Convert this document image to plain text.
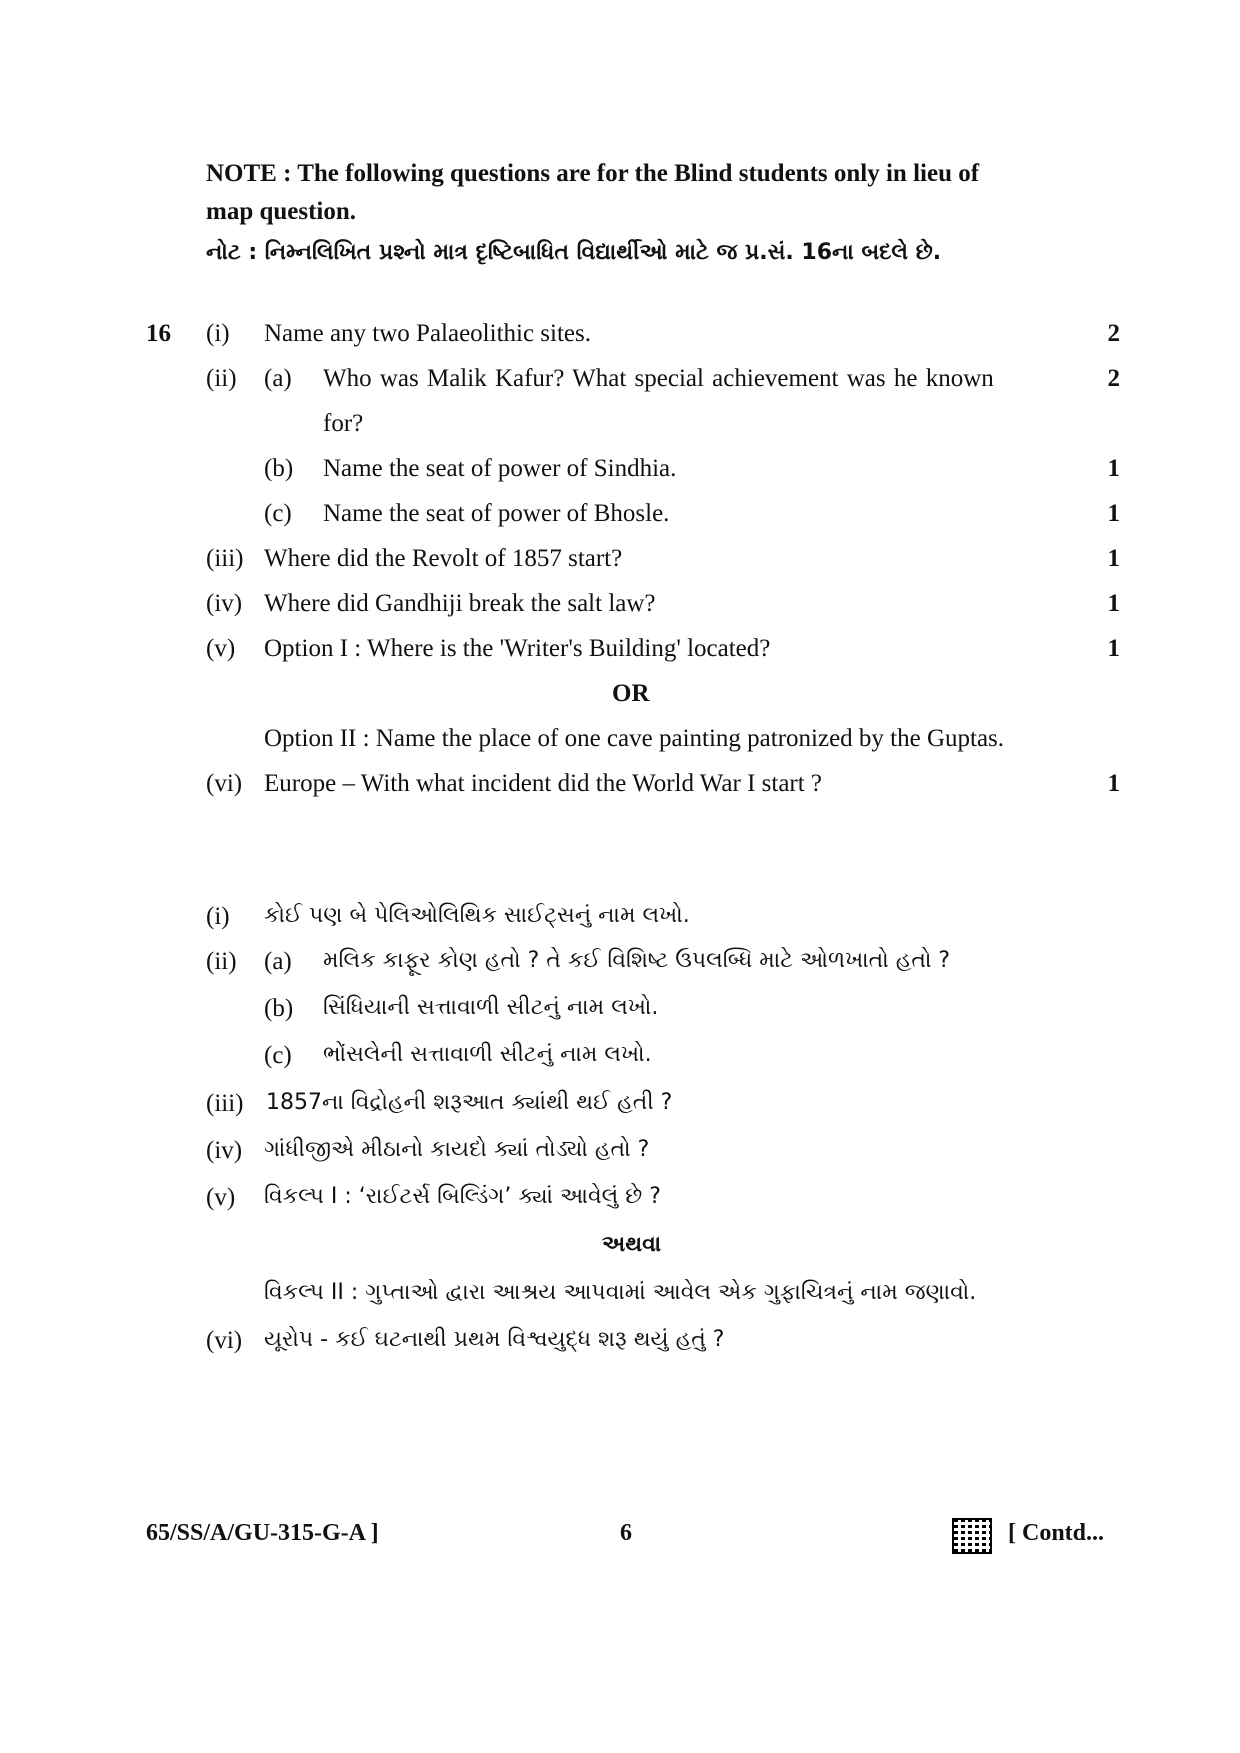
NOTE : The following questions are for the Blind students only in lieu of
map question.
નોટ : નિમ્નલિખિત પ્રશ્નો માત્ર દૃષ્ટિબાધિત વિદ્યાર્થીઓ માટે જ પ્ર.સં. 16ના બદલે છે.
16 (i) Name any two Palaeolithic sites.	2
(ii) (a) Who was Malik Kafur? What special achievement was he known	2
for?
(b) Name the seat of power of Sindhia.	1
(c) Name the seat of power of Bhosle.	1
(iii) Where did the Revolt of 1857 start?	1
(iv) Where did Gandhiji break the salt law?	1
(v) Option I : Where is the 'Writer's Building' located?	1
OR
Option II : Name the place of one cave painting patronized by the Guptas.
(vi) Europe – With what incident did the World War I start ?	1
(i) કોઈ પણ બે પેલિઓલિથિક સાઈટ્સનું નામ લખો.
(ii) (a) મલિક કાફૂર કોણ હતો ? તે કઈ વિશિષ્ટ ઉપલબ્ધિ માટે ઓળખાતો હતો ?
(b) સિંધિયાની સત્તાવાળી સીટનું નામ લખો.
(c) ભોંસલેની સત્તાવાળી સીટનું નામ લખો.
(iii) 1857ના વિદ્રોહની શરૂઆત ક્યાંથી થઈ હતી ?
(iv) ગાંધીજીએ મીઠાનો કાયદો ક્યાં તોડ્યો હતો ?
(v) વિકલ્પ I : ‘રાઈટર્સ બિલ્ડિંગ’ ક્યાં આવેલું છે ?
અથવા
વિકલ્પ II : ગુપ્તાઓ દ્વારા આશ્રય આપવામાં આવેલ એક ગુફાચિત્રનું નામ જણાવો.
(vi) યૂરોપ - કઈ ઘટનાથી પ્રથમ વિશ્વયુદ્ધ શરૂ થયું હતું ?
65/SS/A/GU-315-G-A ]	6	[ Contd...
